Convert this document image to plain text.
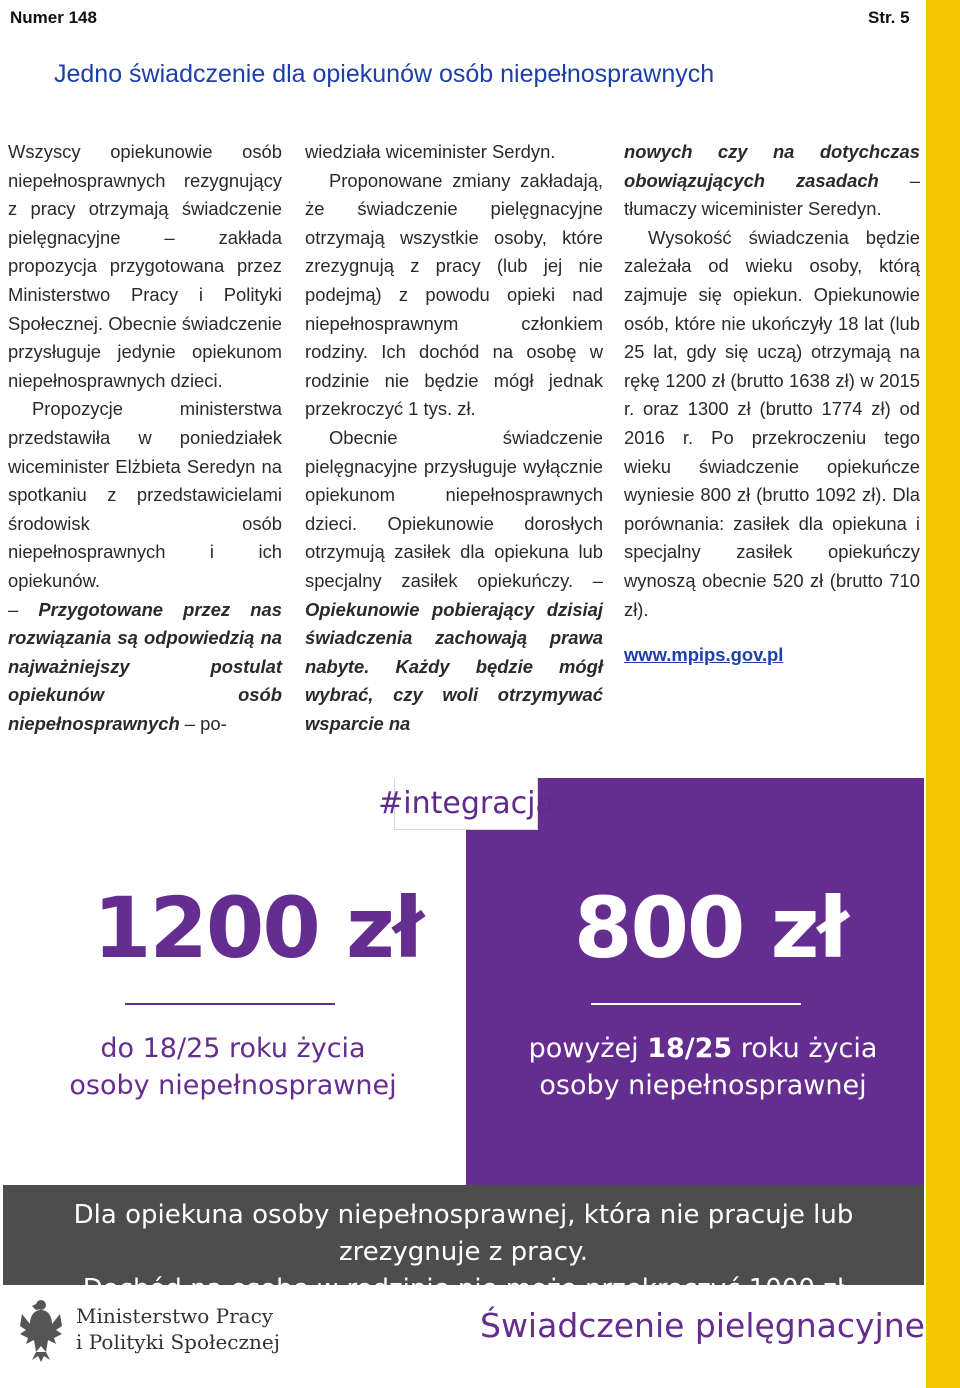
Numer 148	Str. 5
Jedno świadczenie dla opiekunów osób niepełnosprawnych

Wszyscy opiekunowie osób niepełnosprawnych rezygnujący z pracy otrzymają świadczenie pielęgnacyjne – zakłada propozycja przygotowana przez Ministerstwo Pracy i Polityki Społecznej. Obecnie świadczenie przysługuje jedynie opiekunom niepełnosprawnych dzieci.

Propozycje ministerstwa przedstawiła w poniedziałek wiceminister Elżbieta Seredyn na spotkaniu z przedstawicielami środowisk osób niepełnosprawnych i ich opiekunów.

– Przygotowane przez nas rozwiązania są odpowiedzią na najważniejszy postulat opiekunów osób niepełnosprawnych – po-

wiedziała wiceminister Serdyn.

Proponowane zmiany zakładają, że świadczenie pielęgnacyjne otrzymają wszystkie osoby, które zrezygnują z pracy (lub jej nie podejmą) z powodu opieki nad niepełnosprawnym członkiem rodziny. Ich dochód na osobę w rodzinie nie będzie mógł jednak przekroczyć 1 tys. zł.

Obecnie świadczenie pielęgnacyjne przysługuje wyłącznie opiekunom niepełnosprawnych dzieci. Opiekunowie dorosłych otrzymują zasiłek dla opiekuna lub specjalny zasiłek opiekuńczy. – Opiekunowie pobierający dzisiaj świadczenia zachowają prawa nabyte. Każdy będzie mógł wybrać, czy woli otrzymywać wsparcie na

nowych czy na dotychczas obowiązujących zasadach – tłumaczy wiceminister Seredyn.

Wysokość świadczenia będzie zależała od wieku osoby, którą zajmuje się opiekun. Opiekunowie osób, które nie ukończyły 18 lat (lub 25 lat, gdy się uczą) otrzymają na rękę 1200 zł (brutto 1638 zł) w 2015 r. oraz 1300 zł (brutto 1774 zł) od 2016 r. Po przekroczeniu tego wieku świadczenie opiekuńcze wyniesie 800 zł (brutto 1092 zł). Dla porównania: zasiłek dla opiekuna i specjalny zasiłek opiekuńczy wynoszą obecnie 520 zł (brutto 710 zł).

www.mpips.gov.pl
#integracja
1200 zł
do 18/25 roku życia
osoby niepełnosprawnej
800 zł
powyżej 18/25 roku życia
osoby niepełnosprawnej
Dla opiekuna osoby niepełnosprawnej, która nie pracuje lub zrezygnuje z pracy.
Dochód na osobę w rodzinie nie może przekroczyć 1000 zł
Ministerstwo Pracy
i Polityki Społecznej	Świadczenie pielęgnacyjne
